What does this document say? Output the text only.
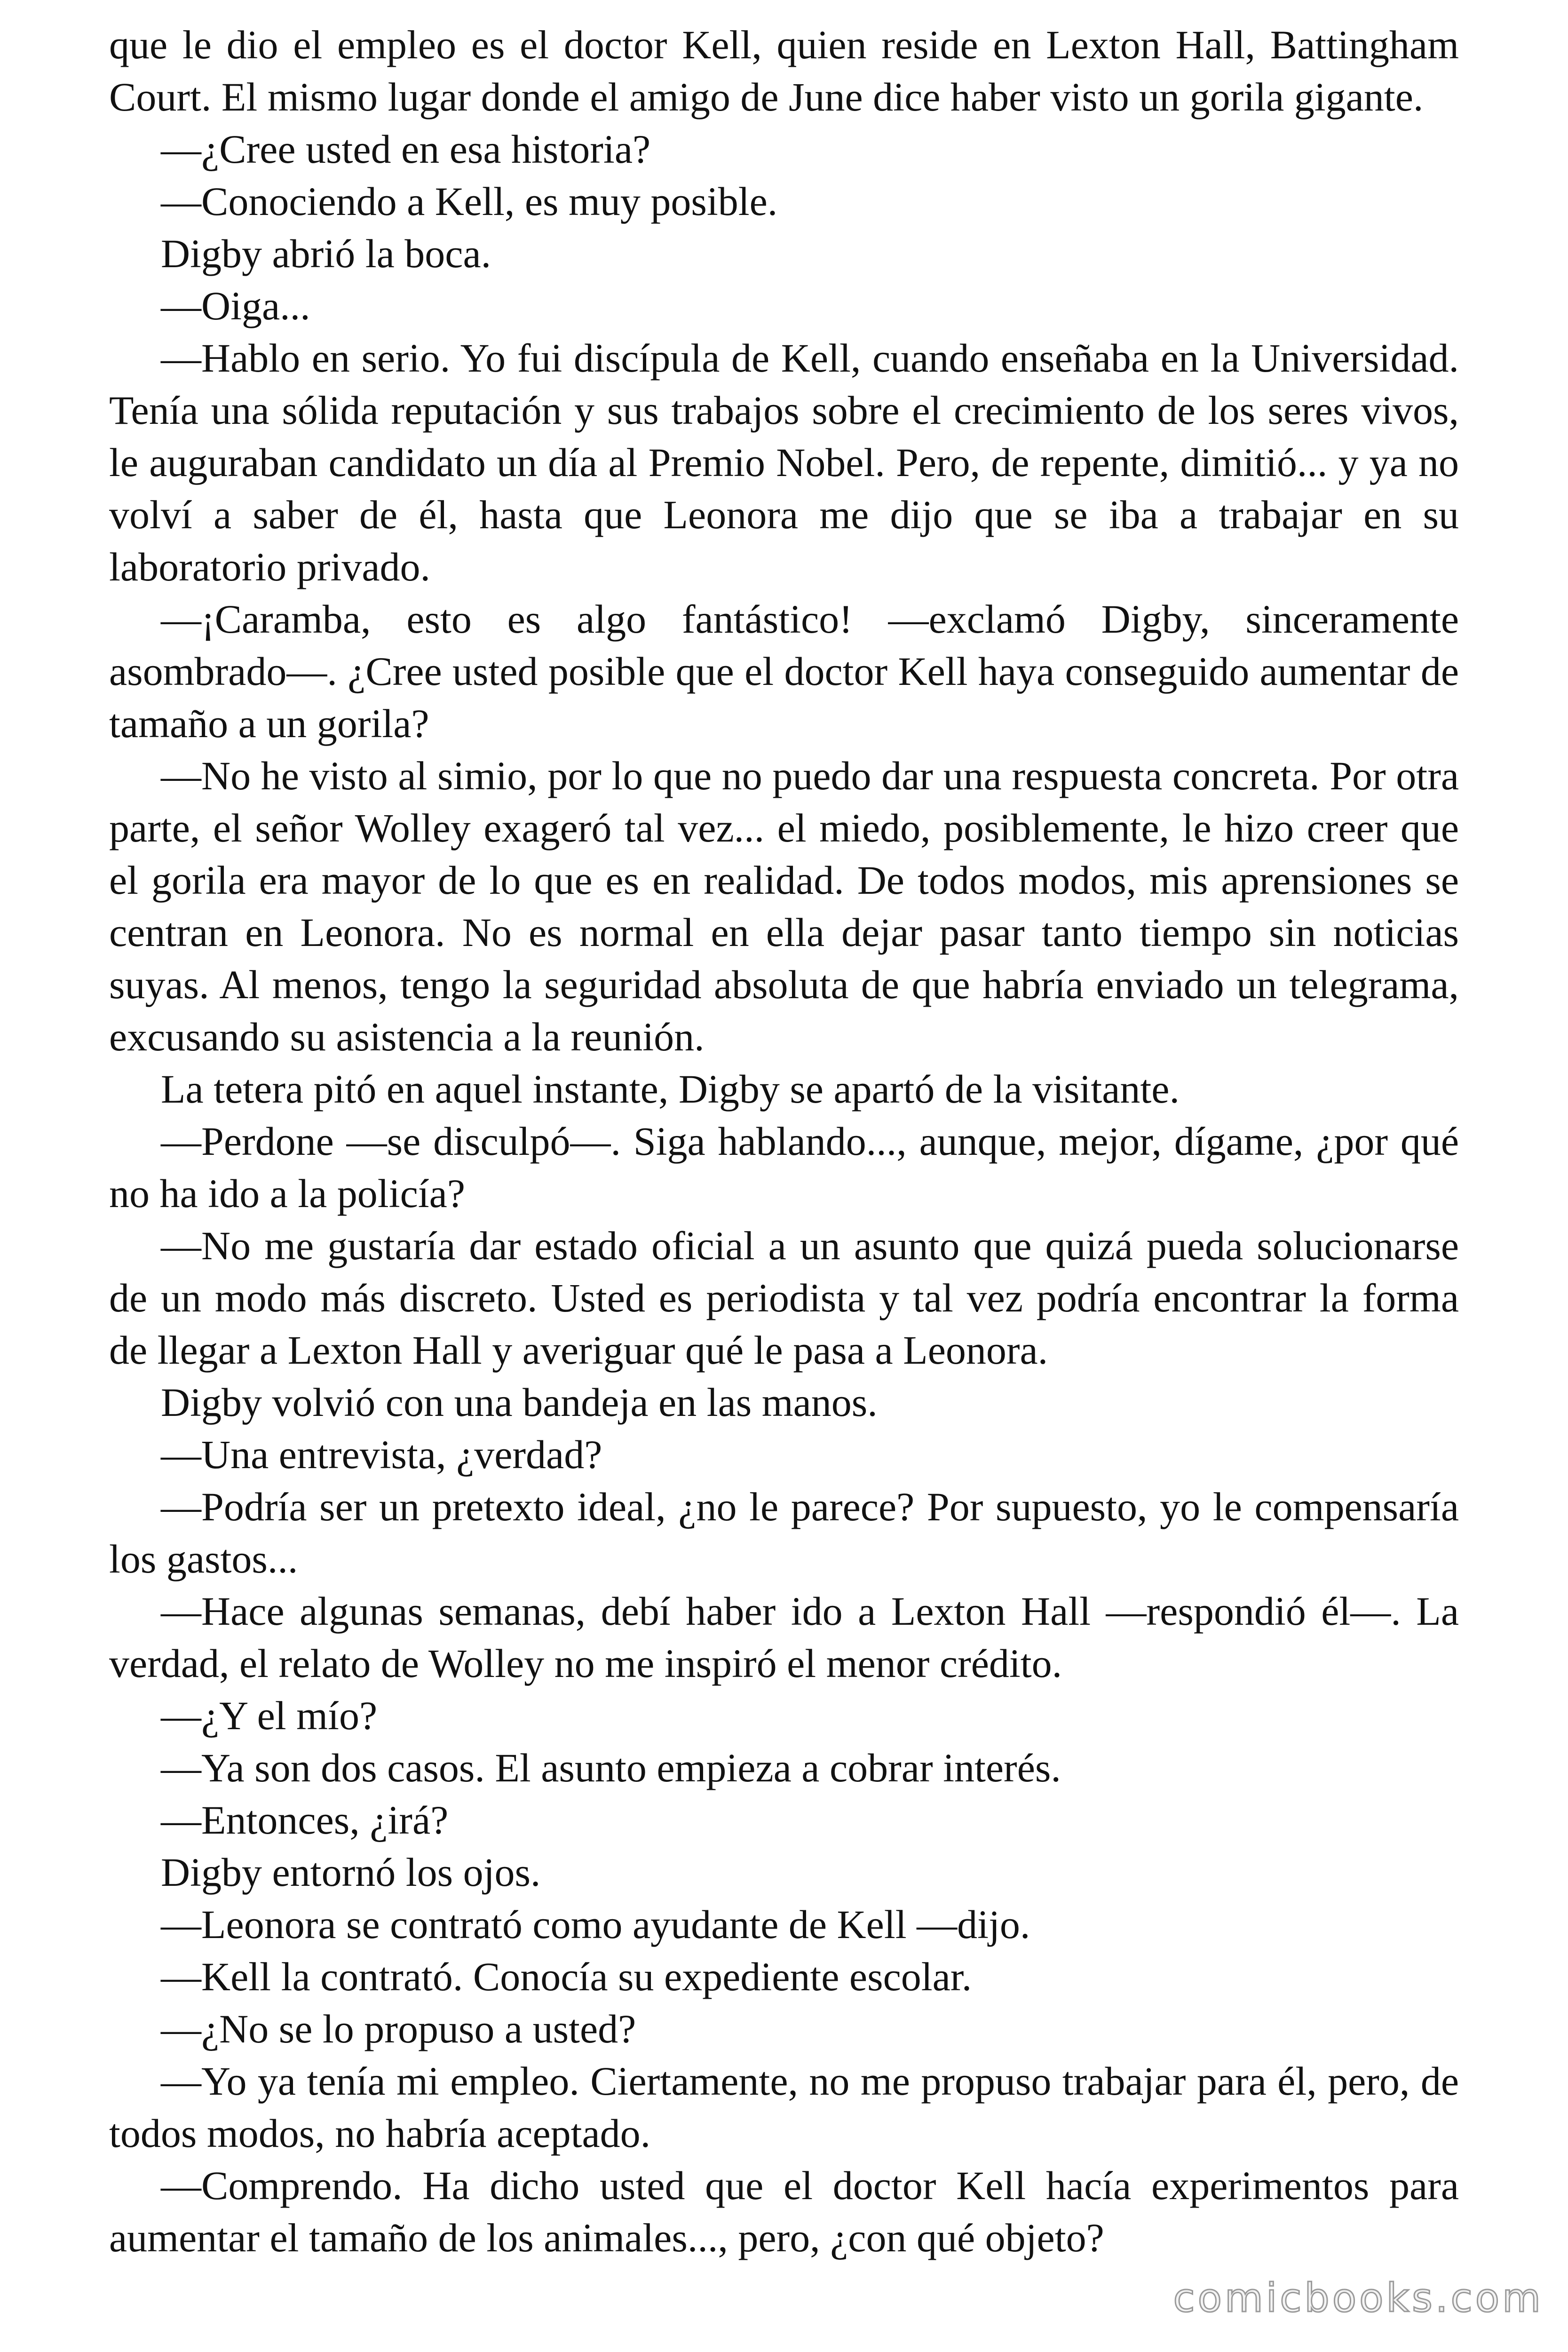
que le dio el empleo es el doctor Kell, quien reside en Lexton Hall, Battingham Court. El mismo lugar donde el amigo de June dice haber visto un gorila gigante.

—¿Cree usted en esa historia?

—Conociendo a Kell, es muy posible.

Digby abrió la boca.

—Oiga...

—Hablo en serio. Yo fui discípula de Kell, cuando enseñaba en la Universidad. Tenía una sólida reputación y sus trabajos sobre el crecimiento de los seres vivos, le auguraban candidato un día al Premio Nobel. Pero, de repente, dimitió... y ya no volví a saber de él, hasta que Leonora me dijo que se iba a trabajar en su laboratorio privado.

—¡Caramba, esto es algo fantástico! —exclamó Digby, sinceramente asombrado—. ¿Cree usted posible que el doctor Kell haya conseguido aumentar de tamaño a un gorila?

—No he visto al simio, por lo que no puedo dar una respuesta concreta. Por otra parte, el señor Wolley exageró tal vez... el miedo, posiblemente, le hizo creer que el gorila era mayor de lo que es en realidad. De todos modos, mis aprensiones se centran en Leonora. No es normal en ella dejar pasar tanto tiempo sin noticias suyas. Al menos, tengo la seguridad absoluta de que habría enviado un telegrama, excusando su asistencia a la reunión.

La tetera pitó en aquel instante, Digby se apartó de la visitante.

—Perdone —se disculpó—. Siga hablando..., aunque, mejor, dígame, ¿por qué no ha ido a la policía?

—No me gustaría dar estado oficial a un asunto que quizá pueda solucionarse de un modo más discreto. Usted es periodista y tal vez podría encontrar la forma de llegar a Lexton Hall y averiguar qué le pasa a Leonora.

Digby volvió con una bandeja en las manos.

—Una entrevista, ¿verdad?

—Podría ser un pretexto ideal, ¿no le parece? Por supuesto, yo le compensaría los gastos...

—Hace algunas semanas, debí haber ido a Lexton Hall —respondió él—. La verdad, el relato de Wolley no me inspiró el menor crédito.

—¿Y el mío?

—Ya son dos casos. El asunto empieza a cobrar interés.

—Entonces, ¿irá?

Digby entornó los ojos.

—Leonora se contrató como ayudante de Kell —dijo.

—Kell la contrató. Conocía su expediente escolar.

—¿No se lo propuso a usted?

—Yo ya tenía mi empleo. Ciertamente, no me propuso trabajar para él, pero, de todos modos, no habría aceptado.

—Comprendo. Ha dicho usted que el doctor Kell hacía experimentos para aumentar el tamaño de los animales..., pero, ¿con qué objeto?

comicbooks.com
